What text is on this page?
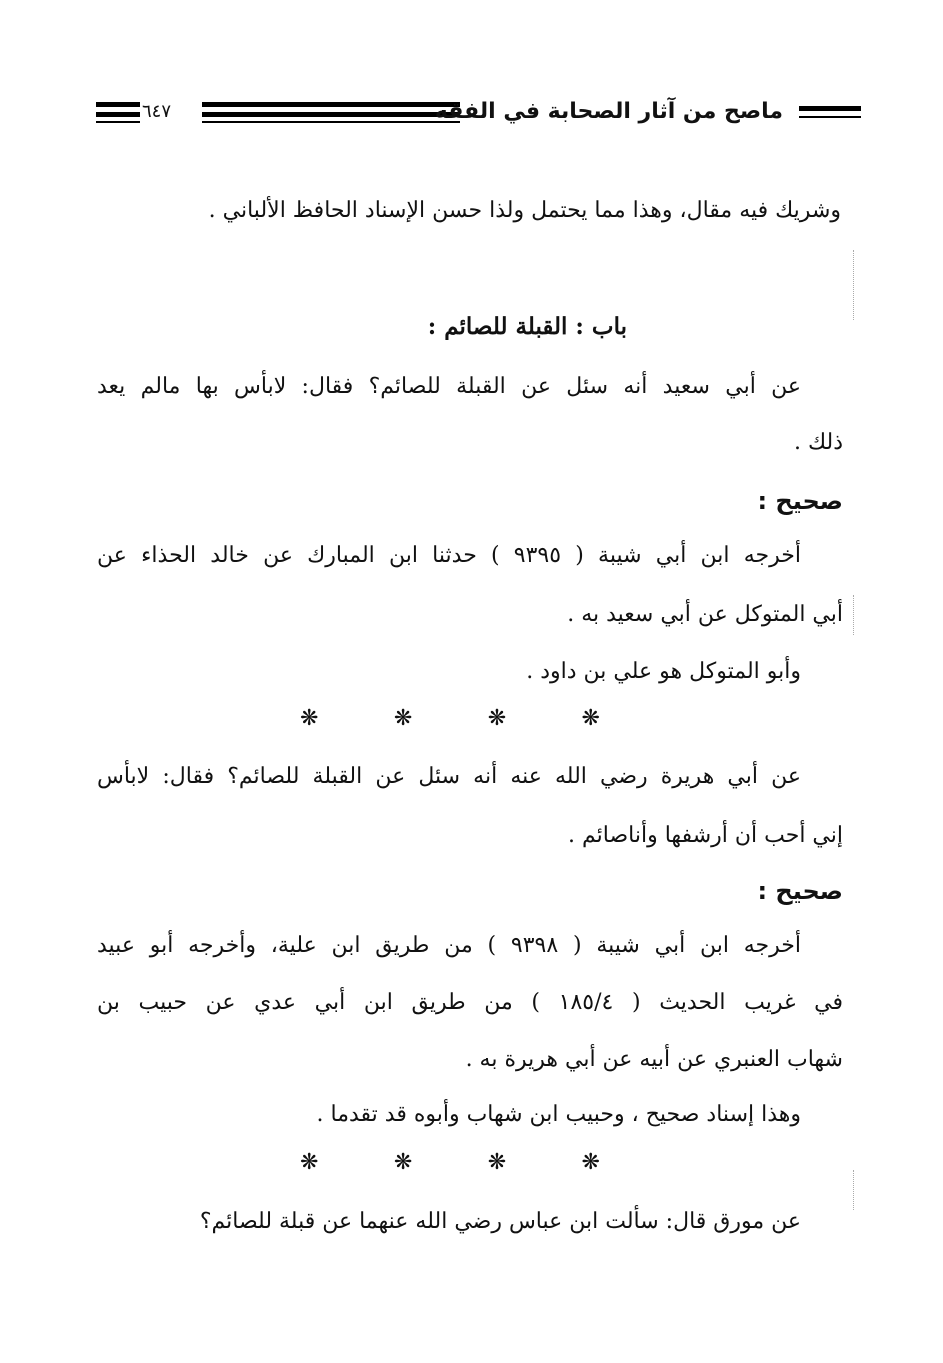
ماصح من آثار الصحابة في الفقه
٦٤٧
وشريك فيه مقال، وهذا مما يحتمل ولذا حسن الإسناد الحافظ الألباني .
باب : القبلة للصائم :
عن أبي سعيد أنه سئل عن القبلة للصائم؟ فقال: لابأس بها مالم يعد
ذلك .
صحيح :
أخرجه ابن أبي شيبة ( ٩٣٩٥ ) حدثنا ابن المبارك عن خالد الحذاء عن
أبي المتوكل عن أبي سعيد به .
وأبو المتوكل هو علي بن داود .
❋	❋	❋	❋
عن أبي هريرة رضي الله عنه أنه سئل عن القبلة للصائم؟ فقال: لابأس
إني أحب أن أرشفها وأناصائم .
صحيح :
أخرجه ابن أبي شيبة ( ٩٣٩٨ ) من طريق ابن علية، وأخرجه أبو عبيد
في غريب الحديث ( ١٨٥/٤ ) من طريق ابن أبي عدي عن حبيب بن
شهاب العنبري عن أبيه عن أبي هريرة به .
وهذا إسناد صحيح ، وحبيب ابن شهاب وأبوه قد تقدما .
❋	❋	❋	❋
عن مورق قال: سألت ابن عباس رضي الله عنهما عن قبلة للصائم؟
